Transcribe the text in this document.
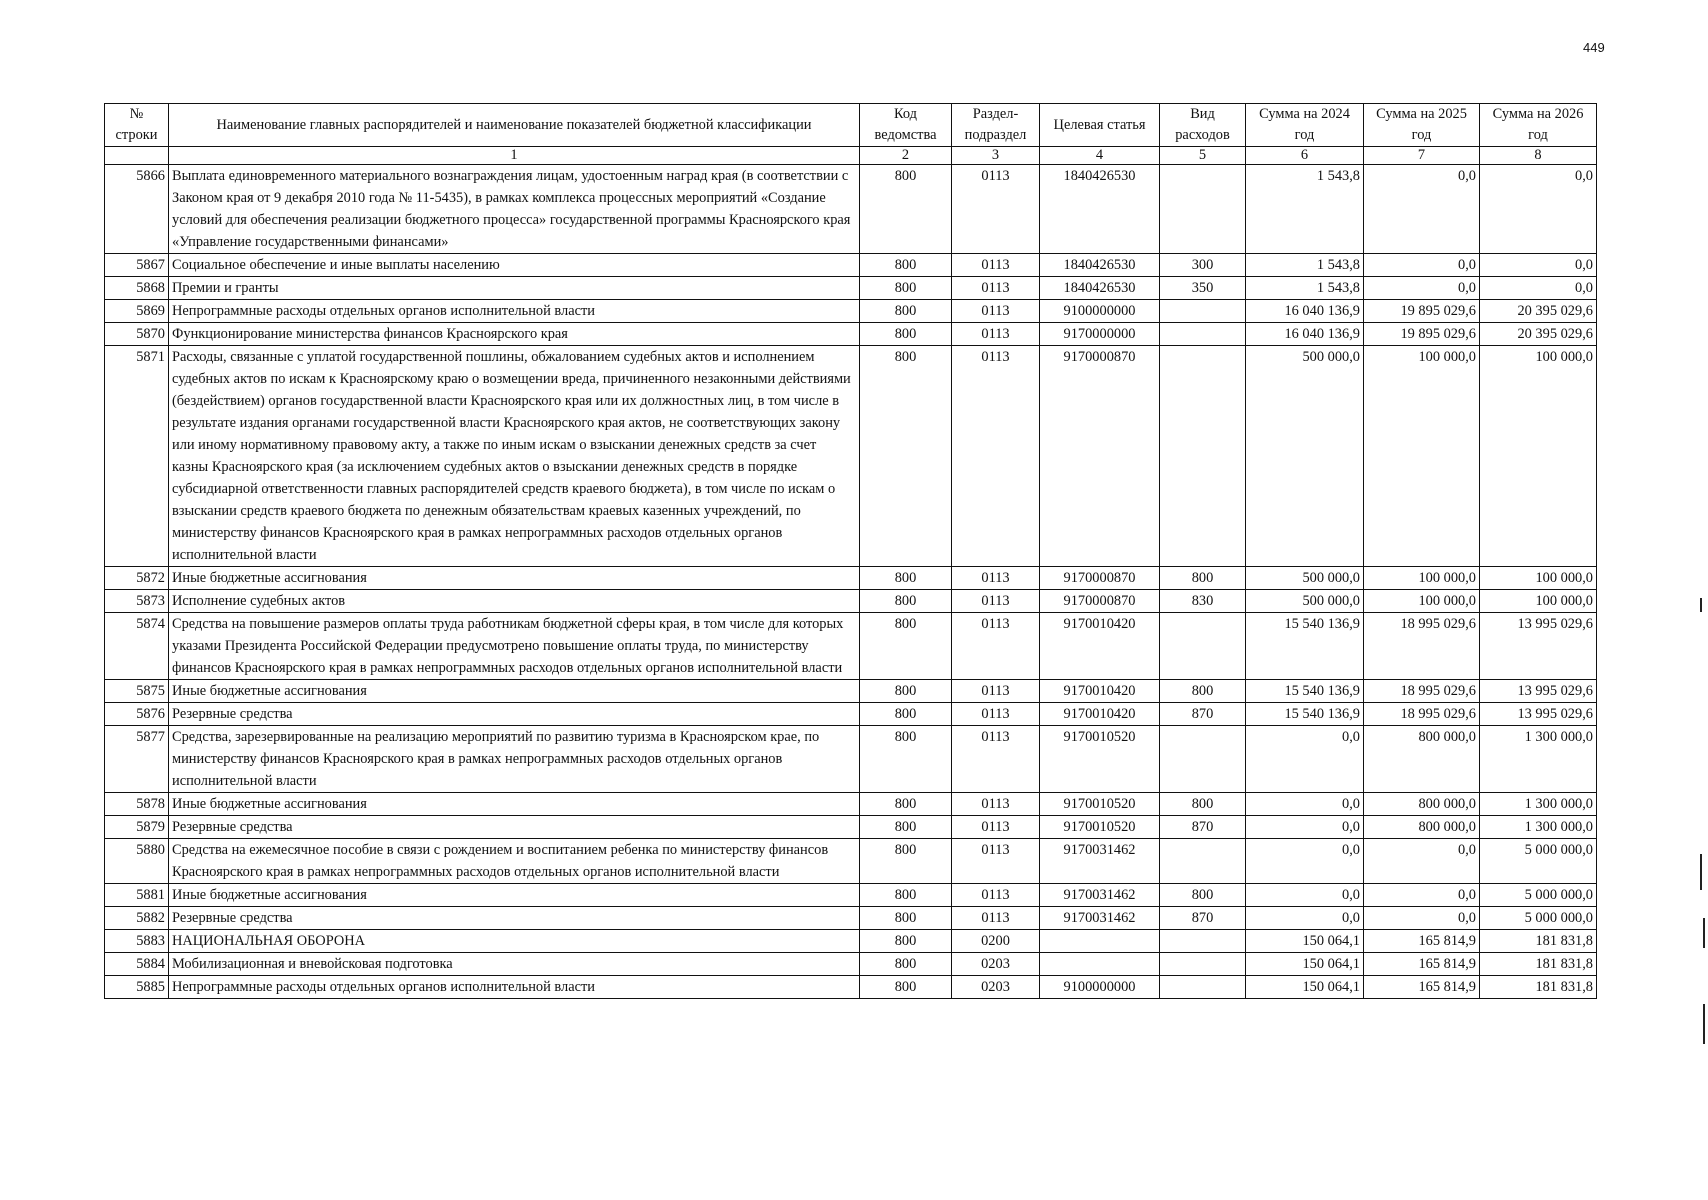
449
№ строки	Наименование главных распорядителей и наименование показателей бюджетной классификации	Код ведомства	Раздел-подраздел	Целевая статья	Вид расходов	Сумма на 2024 год	Сумма на 2025 год	Сумма на 2026 год
	1	2	3	4	5	6	7	8
5866	Выплата единовременного материального вознаграждения лицам, удостоенным наград края (в соответствии с Законом края от 9 декабря 2010 года № 11-5435), в рамках комплекса процессных мероприятий «Создание условий для обеспечения реализации бюджетного процесса» государственной программы Красноярского края «Управление государственными финансами»	800	0113	1840426530		1 543,8	0,0	0,0
5867	Социальное обеспечение и иные выплаты населению	800	0113	1840426530	300	1 543,8	0,0	0,0
5868	Премии и гранты	800	0113	1840426530	350	1 543,8	0,0	0,0
5869	Непрограммные расходы отдельных органов исполнительной власти	800	0113	9100000000		16 040 136,9	19 895 029,6	20 395 029,6
5870	Функционирование министерства финансов Красноярского края	800	0113	9170000000		16 040 136,9	19 895 029,6	20 395 029,6
5871	Расходы, связанные с уплатой государственной пошлины, обжалованием судебных актов и исполнением судебных актов по искам к Красноярскому краю о возмещении вреда, причиненного незаконными действиями (бездействием) органов государственной власти Красноярского края или их должностных лиц, в том числе в результате издания органами государственной власти Красноярского края актов, не соответствующих закону или иному нормативному правовому акту, а также по иным искам о взыскании денежных средств за счет казны Красноярского края (за исключением судебных актов о взыскании денежных средств в порядке субсидиарной ответственности главных распорядителей средств краевого бюджета), в том числе по искам о взыскании средств краевого бюджета по денежным обязательствам краевых казенных учреждений, по министерству финансов Красноярского края в рамках непрограммных расходов отдельных органов исполнительной власти	800	0113	9170000870		500 000,0	100 000,0	100 000,0
5872	Иные бюджетные ассигнования	800	0113	9170000870	800	500 000,0	100 000,0	100 000,0
5873	Исполнение судебных актов	800	0113	9170000870	830	500 000,0	100 000,0	100 000,0
5874	Средства на повышение размеров оплаты труда работникам бюджетной сферы края, в том числе для которых указами Президента Российской Федерации предусмотрено повышение оплаты труда, по министерству финансов Красноярского края в рамках непрограммных расходов отдельных органов исполнительной власти	800	0113	9170010420		15 540 136,9	18 995 029,6	13 995 029,6
5875	Иные бюджетные ассигнования	800	0113	9170010420	800	15 540 136,9	18 995 029,6	13 995 029,6
5876	Резервные средства	800	0113	9170010420	870	15 540 136,9	18 995 029,6	13 995 029,6
5877	Средства, зарезервированные на реализацию мероприятий по развитию туризма в Красноярском крае, по министерству финансов Красноярского края в рамках непрограммных расходов отдельных органов исполнительной власти	800	0113	9170010520		0,0	800 000,0	1 300 000,0
5878	Иные бюджетные ассигнования	800	0113	9170010520	800	0,0	800 000,0	1 300 000,0
5879	Резервные средства	800	0113	9170010520	870	0,0	800 000,0	1 300 000,0
5880	Средства на ежемесячное пособие в связи с рождением и воспитанием ребенка по министерству финансов Красноярского края в рамках непрограммных расходов отдельных органов исполнительной власти	800	0113	9170031462		0,0	0,0	5 000 000,0
5881	Иные бюджетные ассигнования	800	0113	9170031462	800	0,0	0,0	5 000 000,0
5882	Резервные средства	800	0113	9170031462	870	0,0	0,0	5 000 000,0
5883	НАЦИОНАЛЬНАЯ ОБОРОНА	800	0200			150 064,1	165 814,9	181 831,8
5884	Мобилизационная и вневойсковая подготовка	800	0203			150 064,1	165 814,9	181 831,8
5885	Непрограммные расходы отдельных органов исполнительной власти	800	0203	9100000000		150 064,1	165 814,9	181 831,8
